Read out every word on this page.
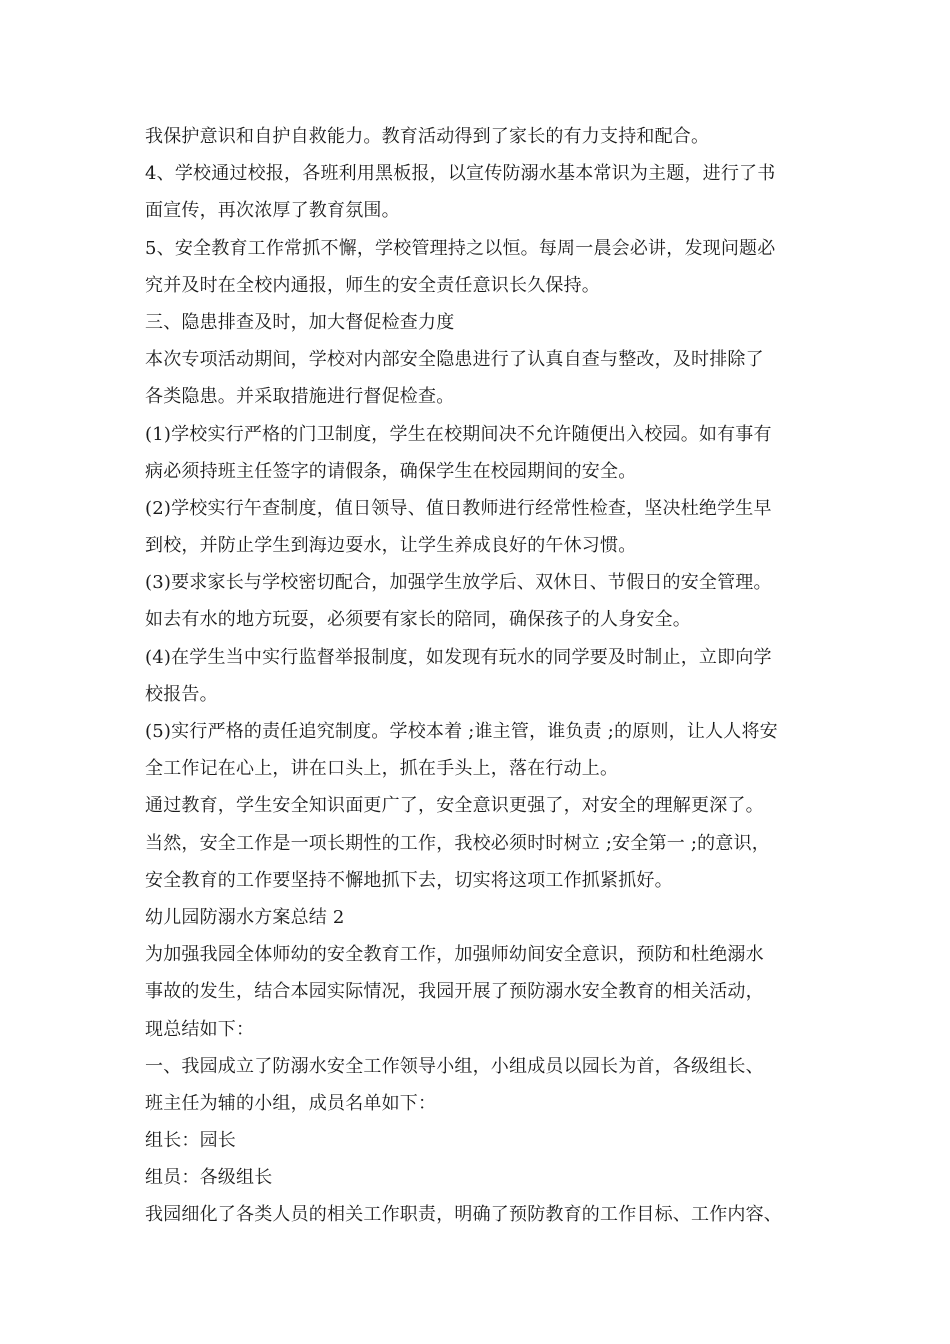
我保护意识和自护自救能力。教育活动得到了家长的有力支持和配合。
4、学校通过校报，各班利用黑板报，以宣传防溺水基本常识为主题，进行了书
面宣传，再次浓厚了教育氛围。
5、安全教育工作常抓不懈，学校管理持之以恒。每周一晨会必讲，发现问题必
究并及时在全校内通报，师生的安全责任意识长久保持。
三、隐患排查及时，加大督促检查力度
本次专项活动期间，学校对内部安全隐患进行了认真自查与整改，及时排除了
各类隐患。并采取措施进行督促检查。
(1)学校实行严格的门卫制度，学生在校期间决不允许随便出入校园。如有事有
病必须持班主任签字的请假条，确保学生在校园期间的安全。
(2)学校实行午查制度，值日领导、值日教师进行经常性检查，坚决杜绝学生早
到校，并防止学生到海边耍水，让学生养成良好的午休习惯。
(3)要求家长与学校密切配合，加强学生放学后、双休日、节假日的安全管理。
如去有水的地方玩耍，必须要有家长的陪同，确保孩子的人身安全。
(4)在学生当中实行监督举报制度，如发现有玩水的同学要及时制止，立即向学
校报告。
(5)实行严格的责任追究制度。学校本着 ;谁主管，谁负责 ;的原则，让人人将安
全工作记在心上，讲在口头上，抓在手头上，落在行动上。
通过教育，学生安全知识面更广了，安全意识更强了，对安全的理解更深了。
当然，安全工作是一项长期性的工作，我校必须时时树立 ;安全第一 ;的意识，
安全教育的工作要坚持不懈地抓下去，切实将这项工作抓紧抓好。
幼儿园防溺水方案总结 2
为加强我园全体师幼的安全教育工作，加强师幼间安全意识，预防和杜绝溺水
事故的发生，结合本园实际情况，我园开展了预防溺水安全教育的相关活动，
现总结如下：
一、我园成立了防溺水安全工作领导小组，小组成员以园长为首，各级组长、
班主任为辅的小组，成员名单如下：
组长：园长
组员：各级组长
我园细化了各类人员的相关工作职责，明确了预防教育的工作目标、工作内容、
